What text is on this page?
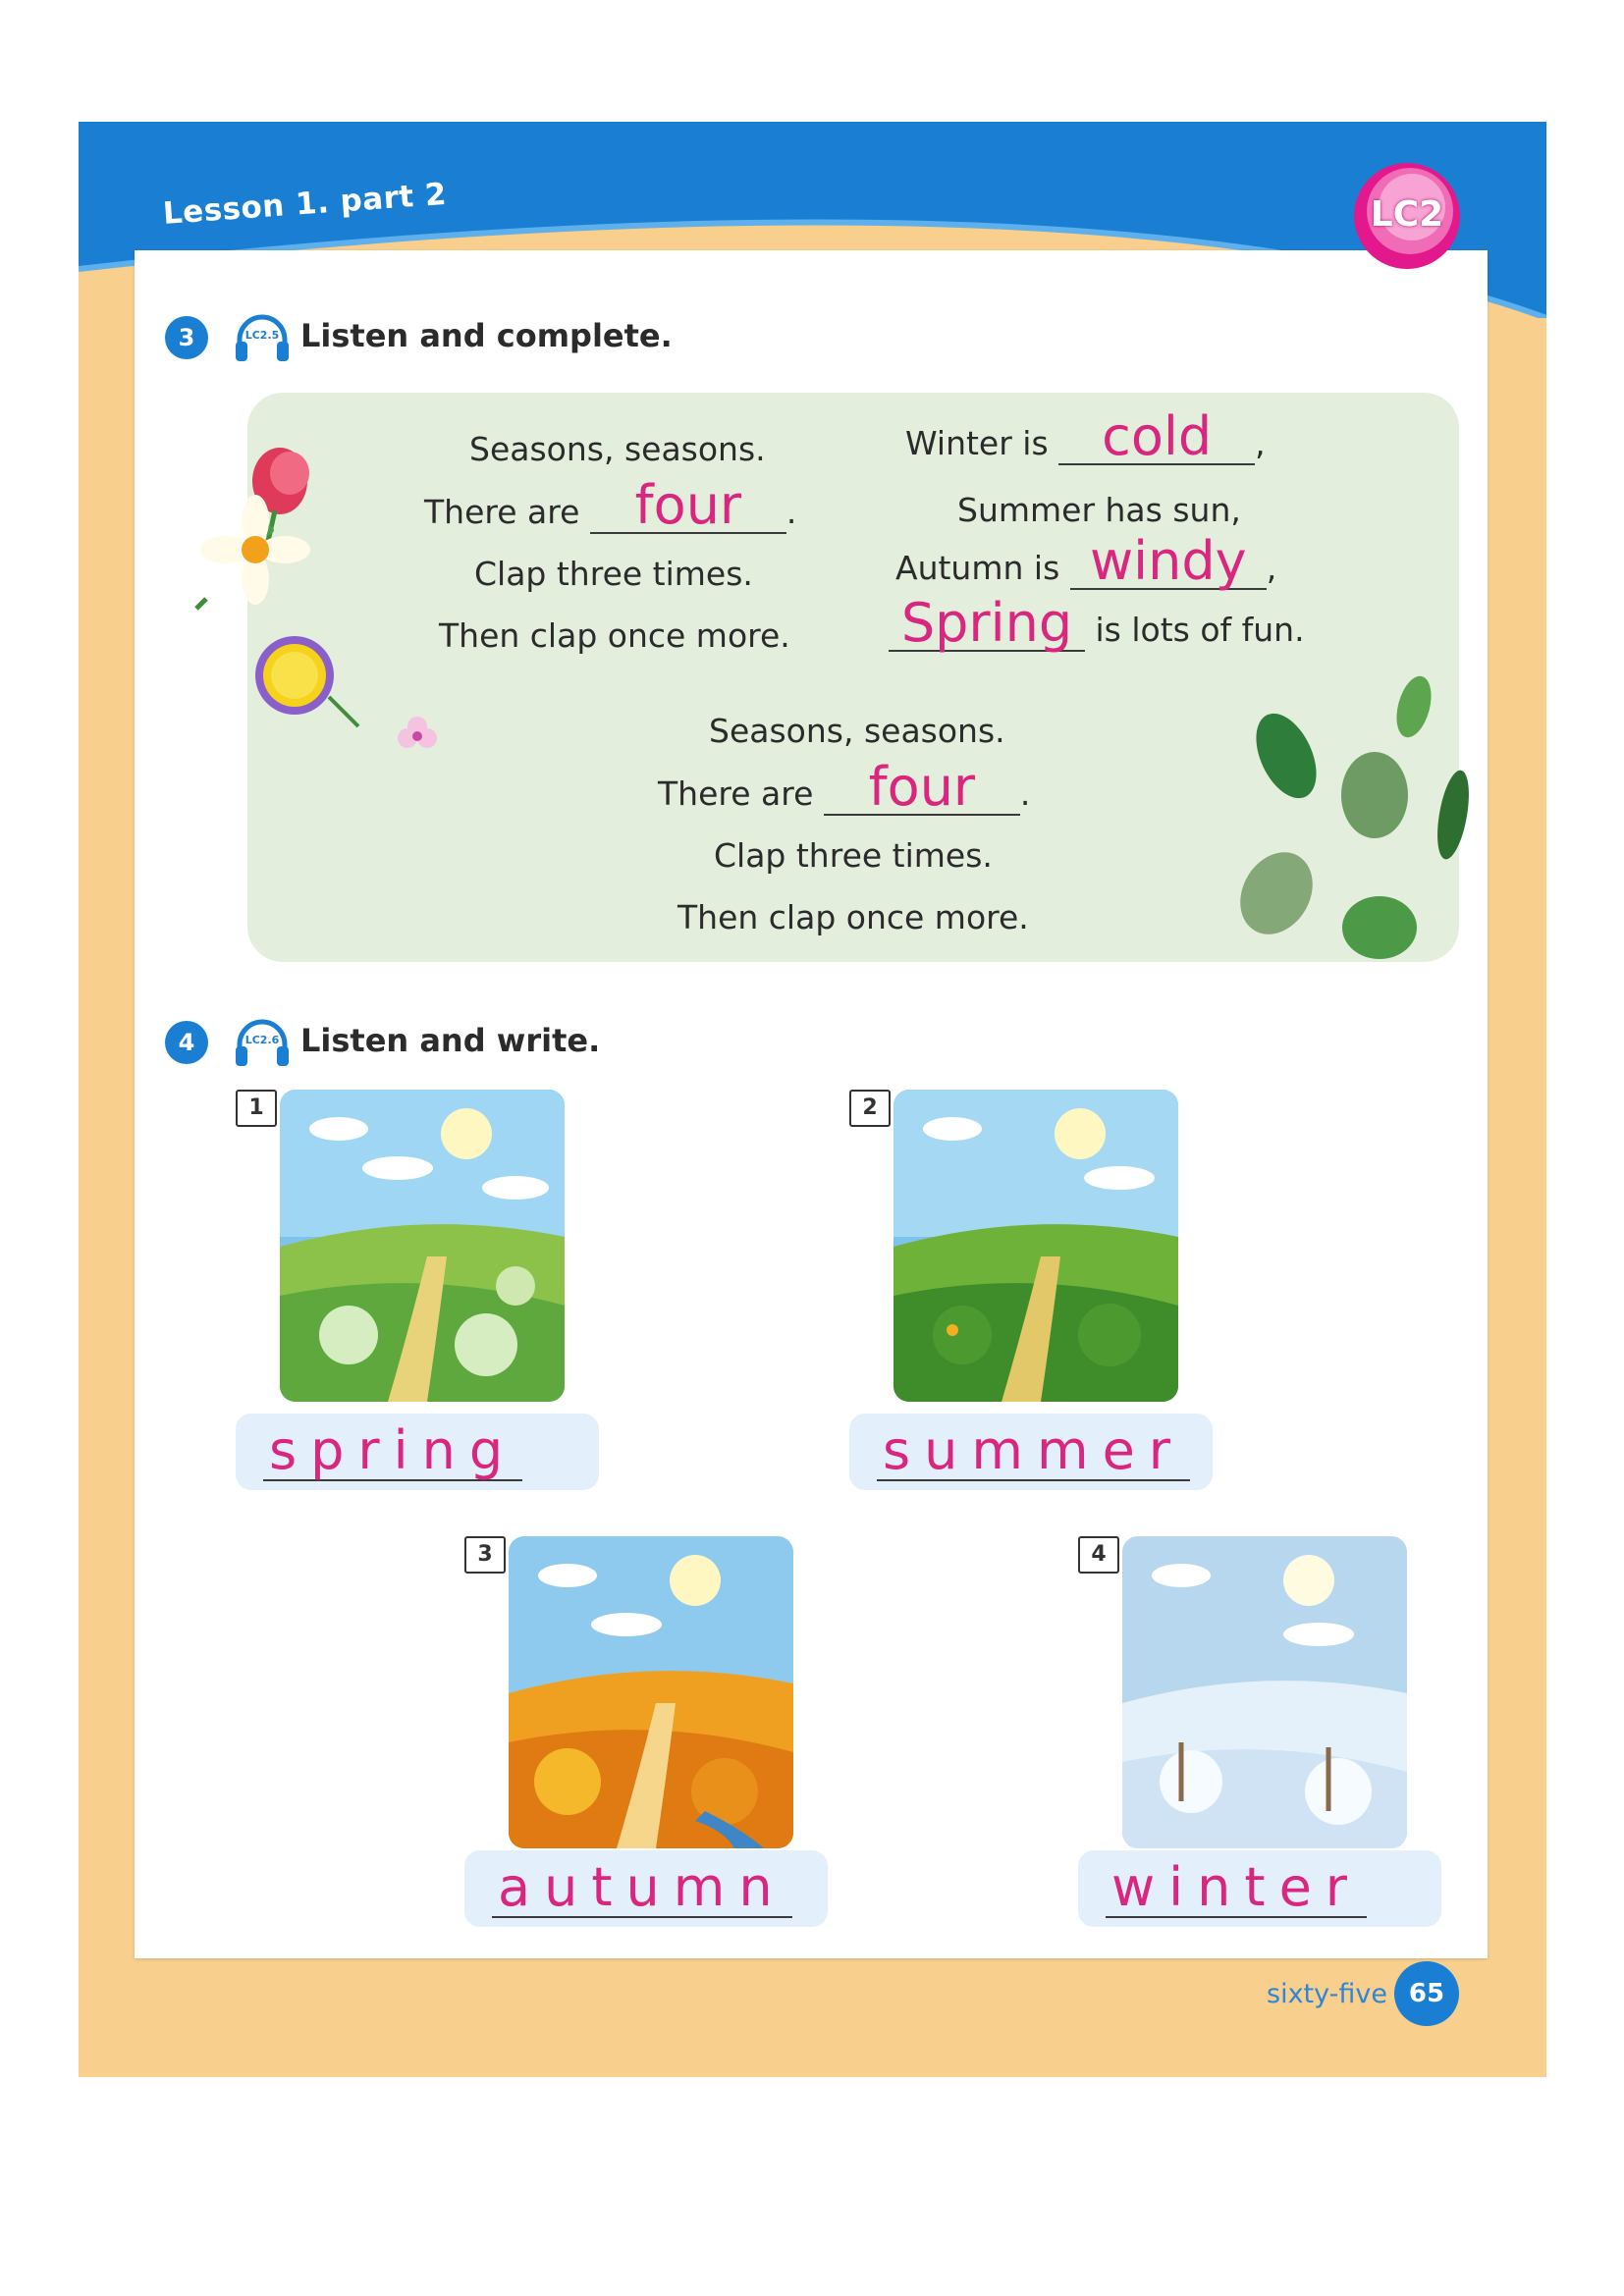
Lesson 1. part 2	LC2
3	LC2.5 Listen and complete.
Seasons, seasons.
There are four .
Clap three times.
Then clap once more.
Winter is cold ,
Summer has sun,
Autumn is windy ,
Spring is lots of fun.
Seasons, seasons.
There are four .
Clap three times.
Then clap once more.
4	LC2.6 Listen and write.
1
spring
2
summer
3
autumn
4
winter
sixty-five 65
